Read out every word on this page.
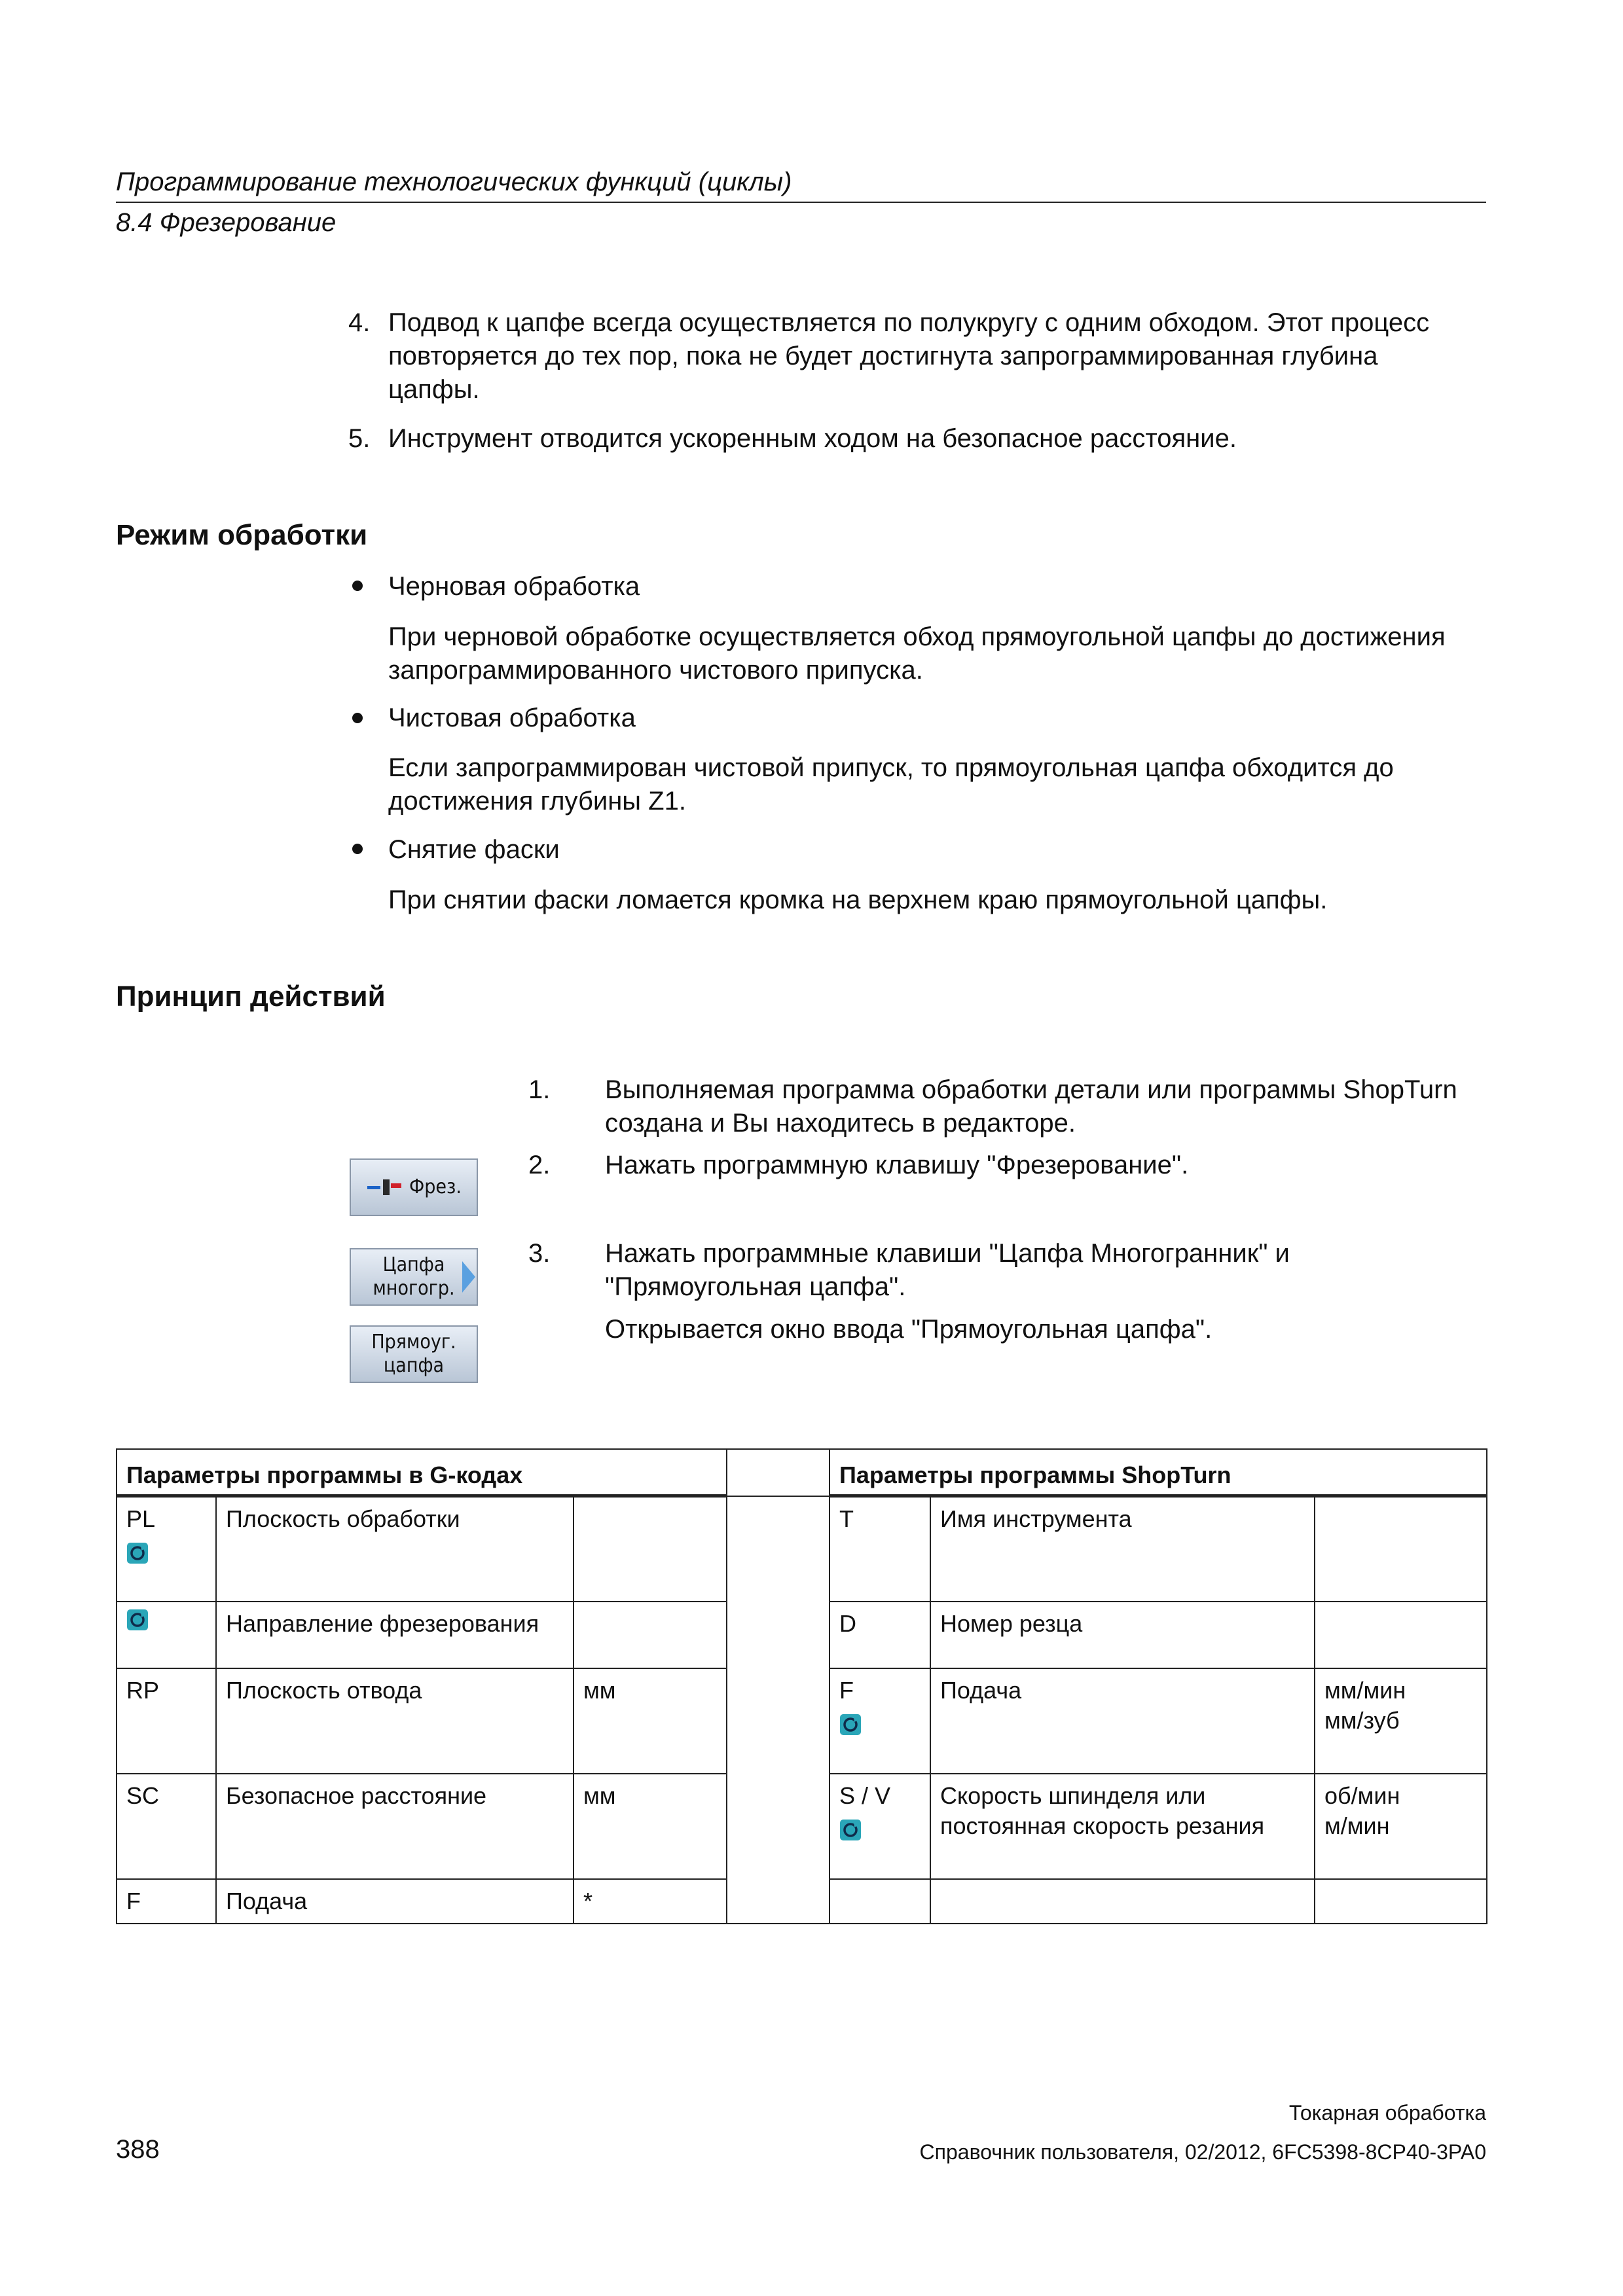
Программирование технологических функций (циклы)
8.4 Фрезерование
4. Подвод к цапфе всегда осуществляется по полукругу с одним обходом. Этот процесс повторяется до тех пор, пока не будет достигнута запрограммированная глубина цапфы.
5. Инструмент отводится ускоренным ходом на безопасное расстояние.
Режим обработки
Черновая обработка
При черновой обработке осуществляется обход прямоугольной цапфы до достижения запрограммированного чистового припуска.
Чистовая обработка
Если запрограммирован чистовой припуск, то прямоугольная цапфа обходится до достижения глубины Z1.
Снятие фаски
При снятии фаски ломается кромка на верхнем краю прямоугольной цапфы.
Принцип действий
1. Выполняемая программа обработки детали или программы ShopTurn создана и Вы находитесь в редакторе.
2. Нажать программную клавишу "Фрезерование".
3. Нажать программные клавиши "Цапфа Многогранник" и "Прямоугольная цапфа".
Открывается окно ввода "Прямоугольная цапфа".
Фрез.
Цапфа
многогр.
Прямоуг.
цапфа
Параметры программы в G-кодах				Параметры программы ShopTurn		
PL	Плоскость обработки			T	Имя инструмента	

	Направление фрезерования			D	Номер резца	
RP	Плоскость отвода	мм		F	Подача	мм/мин
мм/зуб
SC	Безопасное расстояние	мм		S / V	Скорость шпинделя или постоянная скорость резания	об/мин
м/мин
F	Подача	*				
Токарная обработка
388	Справочник пользователя, 02/2012, 6FC5398-8CP40-3PA0
